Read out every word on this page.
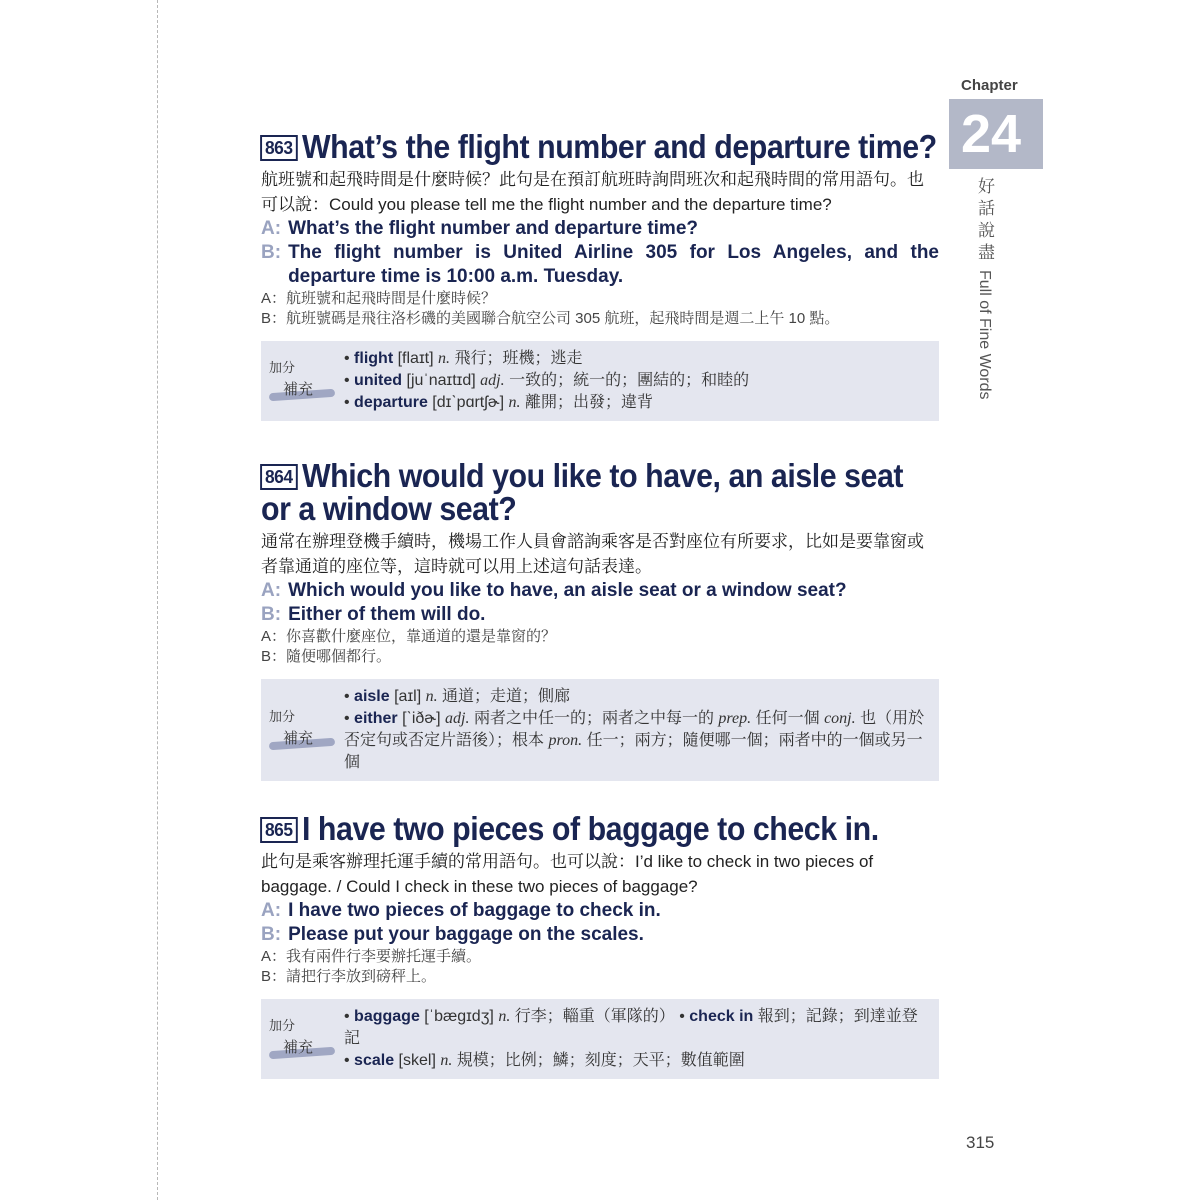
Chapter
24
好話說盡
Full of Fine Words
863 What’s the flight number and departure time?
航班號和起飛時間是什麼時候？此句是在預訂航班時詢問班次和起飛時間的常用語句。也可以說：Could you please tell me the flight number and the departure time?
A: What’s the flight number and departure time?
B: The flight number is United Airline 305 for Los Angeles, and the departure time is 10:00 a.m. Tuesday.
A：航班號和起飛時間是什麼時候？
B：航班號碼是飛往洛杉磯的美國聯合航空公司 305 航班，起飛時間是週二上午 10 點。
加分
補充
• flight [flaɪt] n. 飛行；班機；逃走
• united [juˈnaɪtɪd] adj. 一致的；統一的；團結的；和睦的
• departure [dɪˋpɑrtʃɚ] n. 離開；出發；違背
864 Which would you like to have, an aisle seat or a window seat?
通常在辦理登機手續時，機場工作人員會諮詢乘客是否對座位有所要求，比如是要靠窗或者靠通道的座位等，這時就可以用上述這句話表達。
A: Which would you like to have, an aisle seat or a window seat?
B: Either of them will do.
A：你喜歡什麼座位，靠通道的還是靠窗的？
B：隨便哪個都行。
加分
補充
• aisle [aɪl] n. 通道；走道；側廊
• either [ˋiðɚ] adj. 兩者之中任一的；兩者之中每一的 prep. 任何一個 conj. 也（用於否定句或否定片語後）；根本 pron. 任一；兩方；隨便哪一個；兩者中的一個或另一個
865 I have two pieces of baggage to check in.
此句是乘客辦理托運手續的常用語句。也可以說：I’d like to check in two pieces of baggage. / Could I check in these two pieces of baggage?
A: I have two pieces of baggage to check in.
B: Please put your baggage on the scales.
A：我有兩件行李要辦托運手續。
B：請把行李放到磅秤上。
加分
補充
• baggage [ˈbæɡɪdʒ] n. 行李；輜重（軍隊的） • check in 報到；記錄；到達並登記
• scale [skel] n. 規模；比例；鱗；刻度；天平；數值範圍
315
